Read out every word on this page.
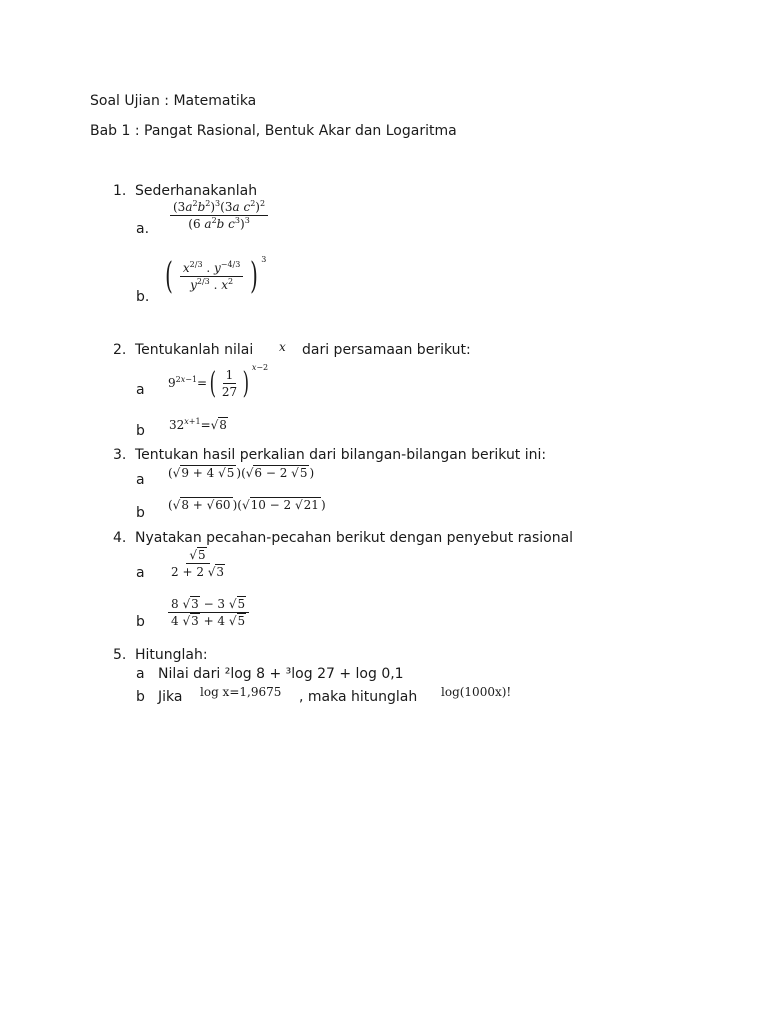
Soal Ujian : Matematika
Bab 1 : Pangat Rasional, Bentuk Akar dan Logaritma
1. Sederhanakanlah
a. $\frac{(3a^2b^2)^3(3a c^2)^2}{(6 a^2b c^3)^3}$
b. ( $\frac{x^{2/3} . y^{-4/3}}{y^{2/3} . x^2}$ ) $^3$
2. Tentukanlah nilai x dari persamaan berikut:
a $9^{2x-1}=( \frac{1}{27}$ ) $^{x-2}$
b $32^{x+1}=√8$
3. Tentukan hasil perkalian dari bilangan-bilangan berikut ini:
a (√9 + 4 √5 )(√6 − 2 √5 )
b (√8 + √60 )(√10 − 2 √21 )
4. Nyatakan pecahan-pecahan berikut dengan penyebut rasional
a $\frac{√5}{2 + 2 √3}$
b $\frac{8 √3 - 3 √5}{4 √3 + 4 √5}$
5. Hitunglah:
a Nilai dari ²log 8 + ³log 27 + log 0,1
b Jika log x=1,9675 , maka hitunglah log(1000x)!
